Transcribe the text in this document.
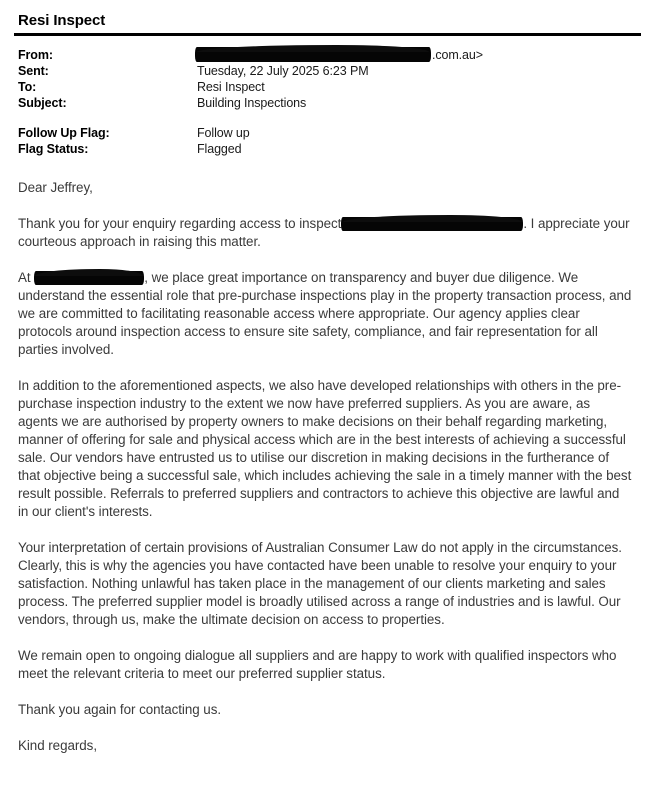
Resi Inspect
From:	.com.au>
Sent:	Tuesday, 22 July 2025 6:23 PM
To:	Resi Inspect
Subject:	Building Inspections
Follow Up Flag:	Follow up
Flag Status:	Flagged

Dear Jeffrey,

Thank you for your enquiry regarding access to inspect	. I appreciate your courteous approach in raising this matter.

At	, we place great importance on transparency and buyer due diligence. We understand the essential role that pre-purchase inspections play in the property transaction process, and we are committed to facilitating reasonable access where appropriate. Our agency applies clear protocols around inspection access to ensure site safety, compliance, and fair representation for all parties involved.

In addition to the aforementioned aspects, we also have developed relationships with others in the pre-purchase inspection industry to the extent we now have preferred suppliers. As you are aware, as agents we are authorised by property owners to make decisions on their behalf regarding marketing, manner of offering for sale and physical access which are in the best interests of achieving a successful sale. Our vendors have entrusted us to utilise our discretion in making decisions in the furtherance of that objective being a successful sale, which includes achieving the sale in a timely manner with the best result possible. Referrals to preferred suppliers and contractors to achieve this objective are lawful and in our client's interests.

Your interpretation of certain provisions of Australian Consumer Law do not apply in the circumstances. Clearly, this is why the agencies you have contacted have been unable to resolve your enquiry to your satisfaction. Nothing unlawful has taken place in the management of our clients marketing and sales process. The preferred supplier model is broadly utilised across a range of industries and is lawful. Our vendors, through us, make the ultimate decision on access to properties.

We remain open to ongoing dialogue all suppliers and are happy to work with qualified inspectors who meet the relevant criteria to meet our preferred supplier status.

Thank you again for contacting us.

Kind regards,
